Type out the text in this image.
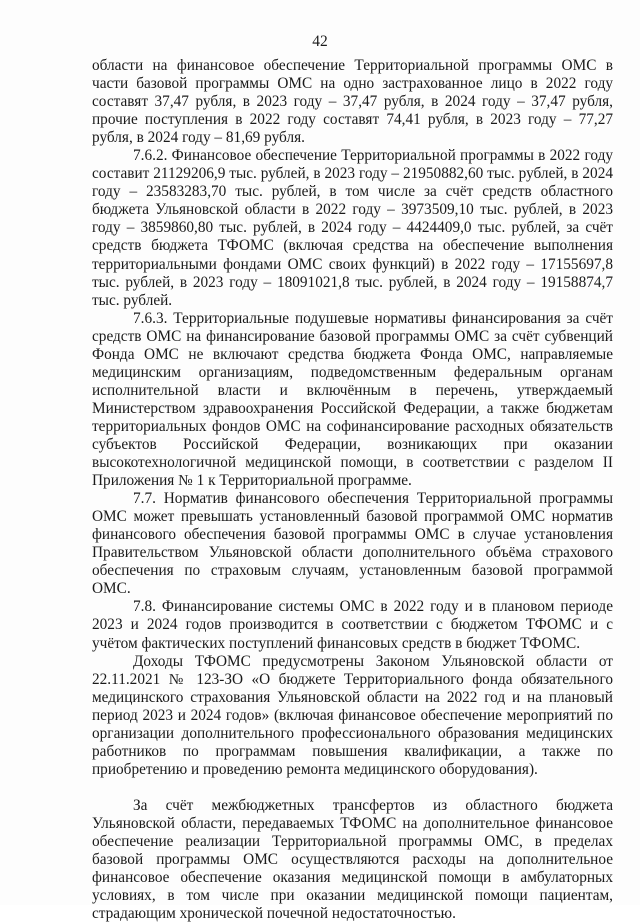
42

области на финансовое обеспечение Территориальной программы ОМС в части базовой программы ОМС на одно застрахованное лицо в 2022 году составят 37,47 рубля, в 2023 году – 37,47 рубля, в 2024 году – 37,47 рубля, прочие поступления в 2022 году составят 74,41 рубля, в 2023 году – 77,27 рубля, в 2024 году – 81,69 рубля.

7.6.2. Финансовое обеспечение Территориальной программы в 2022 году составит 21129206,9 тыс. рублей, в 2023 году – 21950882,60 тыс. рублей, в 2024 году – 23583283,70 тыс. рублей, в том числе за счёт средств областного бюджета Ульяновской области в 2022 году – 3973509,10 тыс. рублей, в 2023 году – 3859860,80 тыс. рублей, в 2024 году – 4424409,0 тыс. рублей, за счёт средств бюджета ТФОМС (включая средства на обеспечение выполнения территориальными фондами ОМС своих функций) в 2022 году – 17155697,8 тыс. рублей, в 2023 году – 18091021,8 тыс. рублей, в 2024 году – 19158874,7 тыс. рублей.

7.6.3. Территориальные подушевые нормативы финансирования за счёт средств ОМС на финансирование базовой программы ОМС за счёт субвенций Фонда ОМС не включают средства бюджета Фонда ОМС, направляемые медицинским организациям, подведомственным федеральным органам исполнительной власти и включённым в перечень, утверждаемый Министерством здравоохранения Российской Федерации, а также бюджетам территориальных фондов ОМС на софинансирование расходных обязательств субъектов Российской Федерации, возникающих при оказании высокотехнологичной медицинской помощи, в соответствии с разделом II Приложения № 1 к Территориальной программе.

7.7. Норматив финансового обеспечения Территориальной программы ОМС может превышать установленный базовой программой ОМС норматив финансового обеспечения базовой программы ОМС в случае установления Правительством Ульяновской области дополнительного объёма страхового обеспечения по страховым случаям, установленным базовой программой ОМС.

7.8. Финансирование системы ОМС в 2022 году и в плановом периоде 2023 и 2024 годов производится в соответствии с бюджетом ТФОМС и с учётом фактических поступлений финансовых средств в бюджет ТФОМС.

Доходы ТФОМС предусмотрены Законом Ульяновской области от 22.11.2021 № 123-ЗО «О бюджете Территориального фонда обязательного медицинского страхования Ульяновской области на 2022 год и на плановый период 2023 и 2024 годов» (включая финансовое обеспечение мероприятий по организации дополнительного профессионального образования медицинских работников по программам повышения квалификации, а также по приобретению и проведению ремонта медицинского оборудования).

За счёт межбюджетных трансфертов из областного бюджета Ульяновской области, передаваемых ТФОМС на дополнительное финансовое обеспечение реализации Территориальной программы ОМС, в пределах базовой программы ОМС осуществляются расходы на дополнительное финансовое обеспечение оказания медицинской помощи в амбулаторных условиях, в том числе при оказании медицинской помощи пациентам, страдающим хронической почечной недостаточностью.
